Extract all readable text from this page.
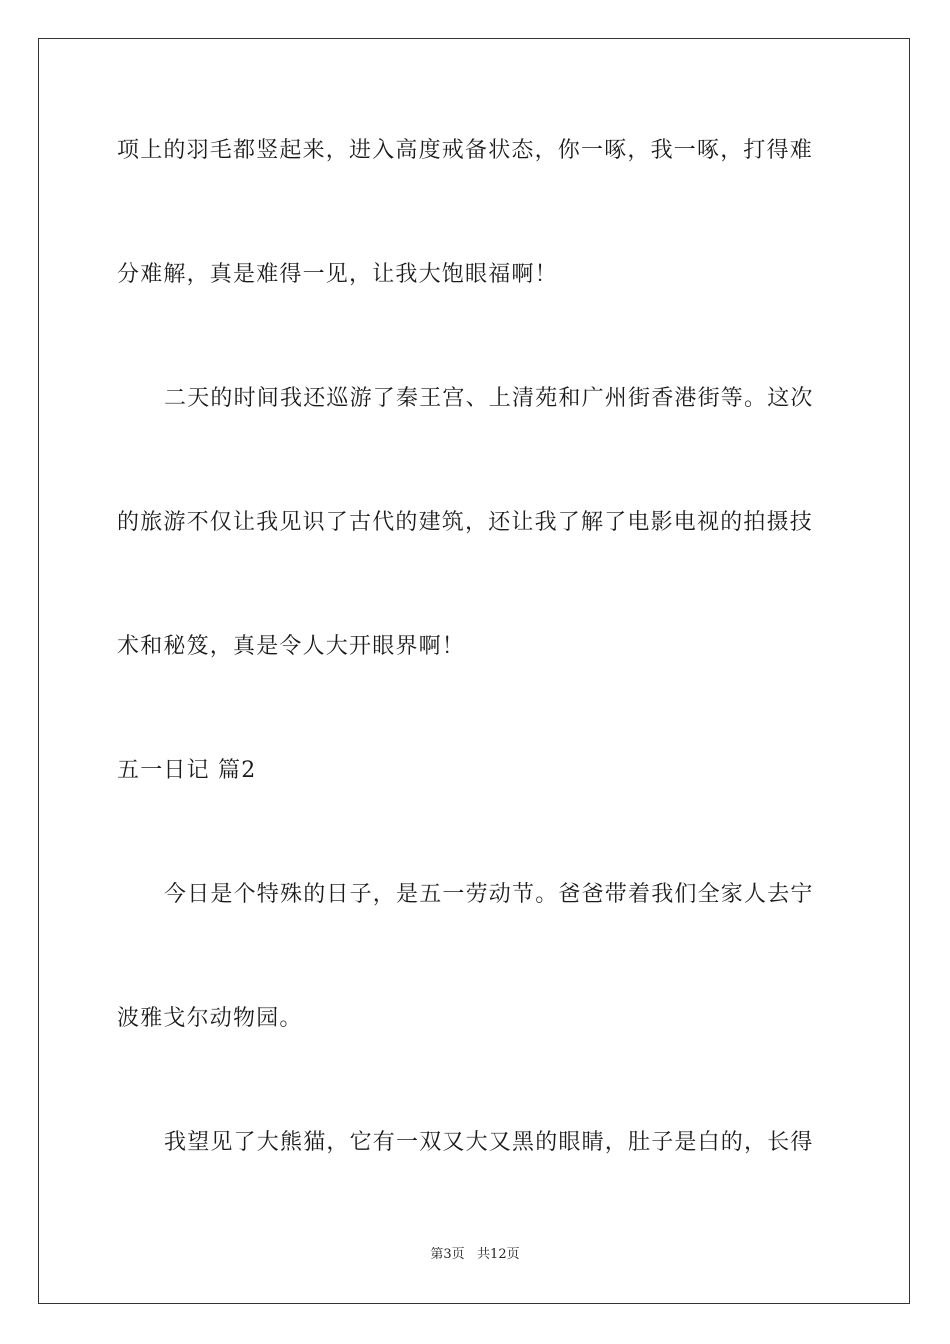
项上的羽毛都竖起来，进入高度戒备状态，你一啄，我一啄，打得难
分难解，真是难得一见，让我大饱眼福啊！
二天的时间我还巡游了秦王宫、上清苑和广州街香港街等。这次
的旅游不仅让我见识了古代的建筑，还让我了解了电影电视的拍摄技
术和秘笈，真是令人大开眼界啊！
五一日记 篇2
今日是个特殊的日子，是五一劳动节。爸爸带着我们全家人去宁
波雅戈尔动物园。
我望见了大熊猫，它有一双又大又黑的眼睛，肚子是白的，长得
第3页   共12页
